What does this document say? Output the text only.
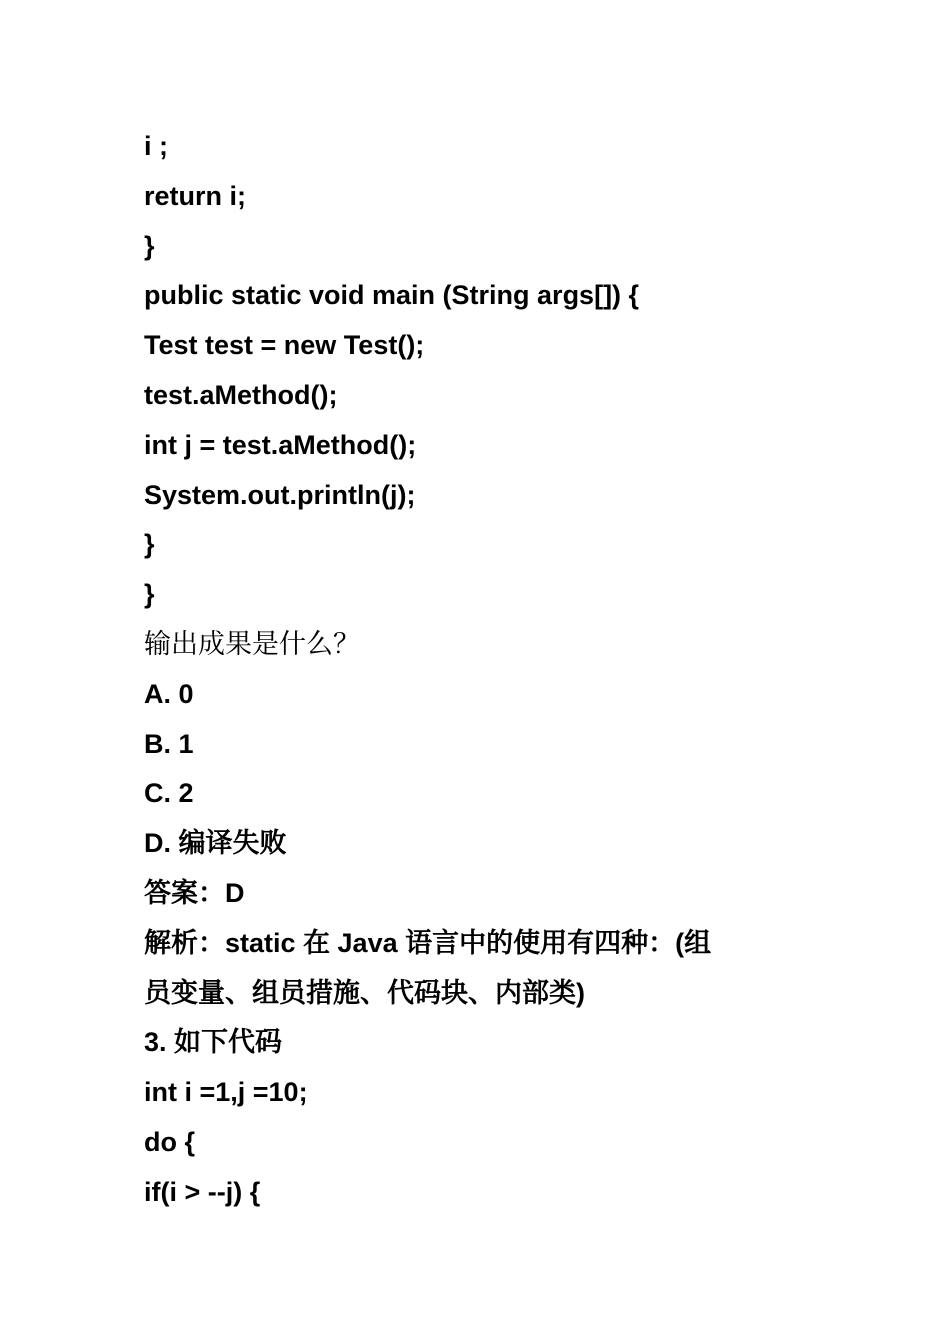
i ;
return i;
}
public static void main (String args[]) {
Test test = new Test();
test.aMethod();
int j = test.aMethod();
System.out.println(j);
}
}
输出成果是什么？
A. 0
B. 1
C. 2
D. 编译失败
答案：D
解析：static 在 Java 语言中的使用有四种：(组
员变量、组员措施、代码块、内部类)
3. 如下代码
int i =1,j =10;
do {
if(i > --j) {
